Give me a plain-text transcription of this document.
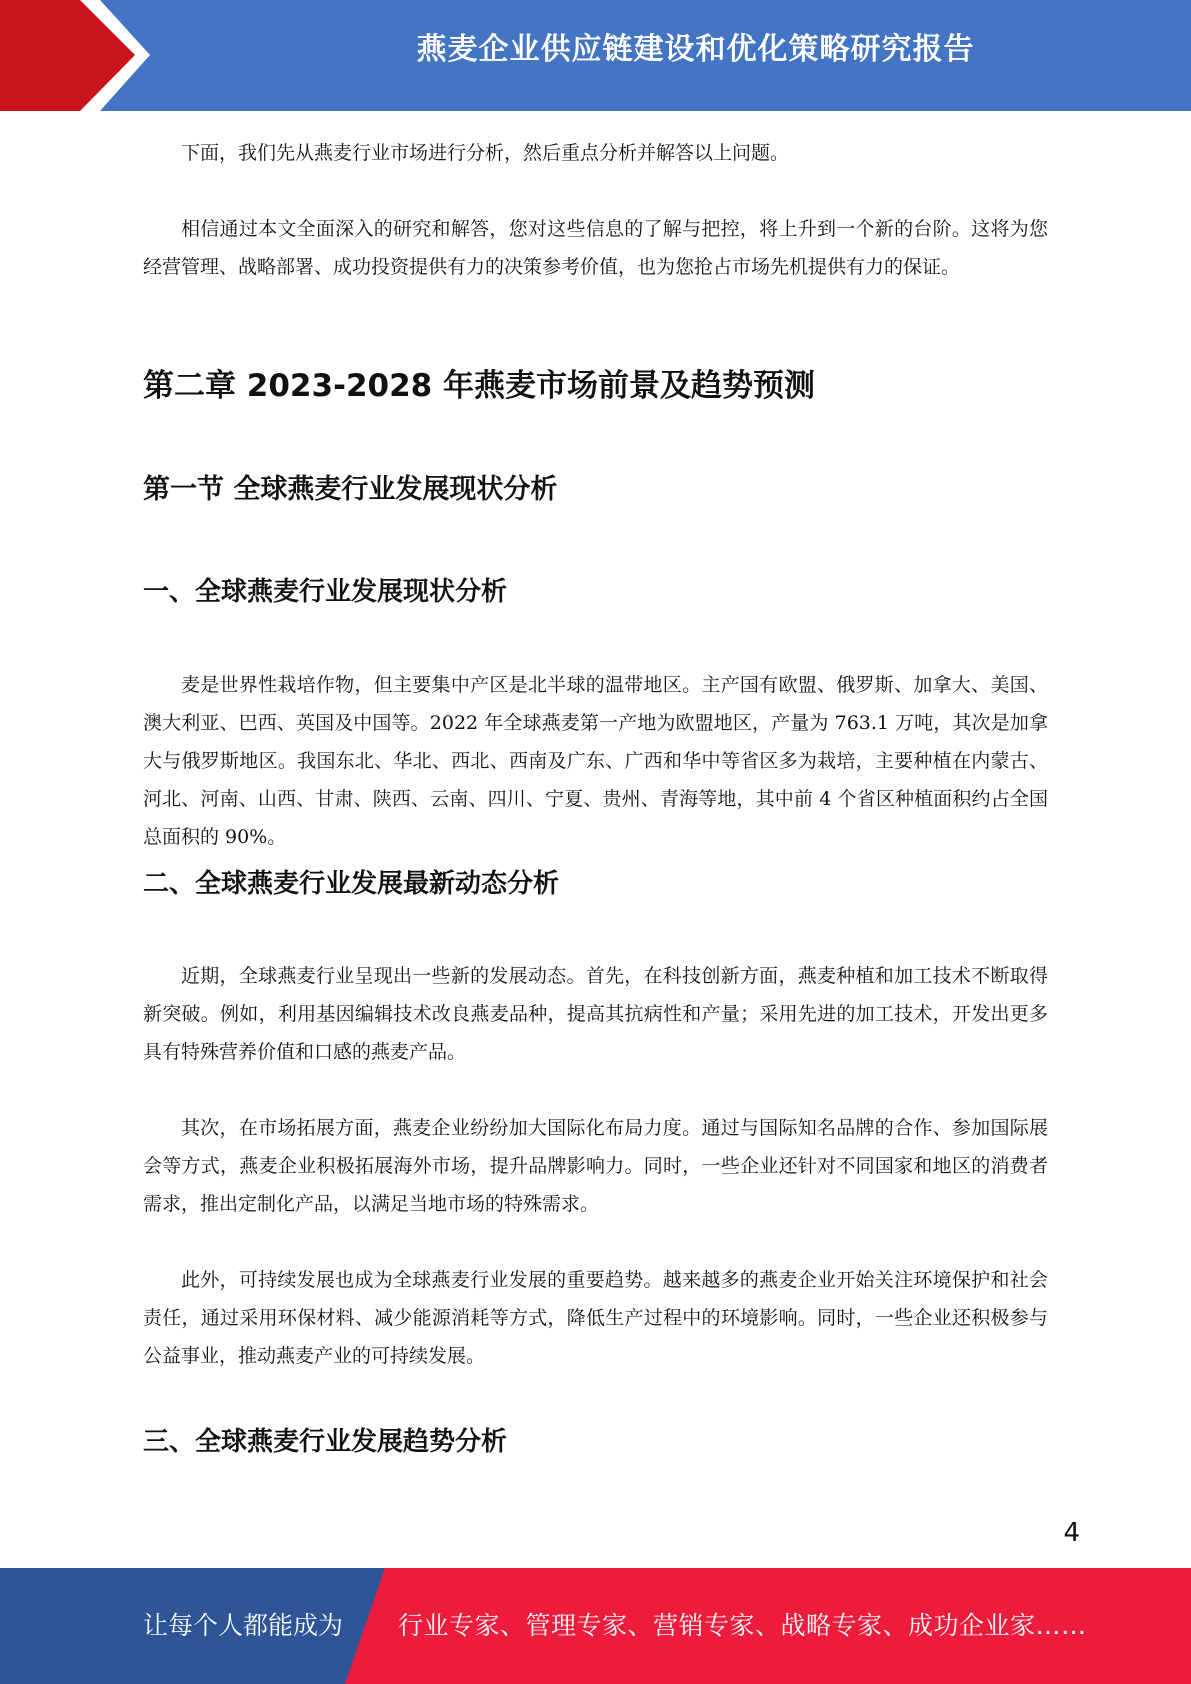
燕麦企业供应链建设和优化策略研究报告

下面，我们先从燕麦行业市场进行分析，然后重点分析并解答以上问题。

相信通过本文全面深入的研究和解答，您对这些信息的了解与把控，将上升到一个新的台阶。这将为您经营管理、战略部署、成功投资提供有力的决策参考价值，也为您抢占市场先机提供有力的保证。

第二章 2023-2028 年燕麦市场前景及趋势预测
第一节 全球燕麦行业发展现状分析
一、全球燕麦行业发展现状分析

麦是世界性栽培作物，但主要集中产区是北半球的温带地区。主产国有欧盟、俄罗斯、加拿大、美国、澳大利亚、巴西、英国及中国等。2022 年全球燕麦第一产地为欧盟地区，产量为 763.1 万吨，其次是加拿大与俄罗斯地区。我国东北、华北、西北、西南及广东、广西和华中等省区多为栽培，主要种植在内蒙古、河北、河南、山西、甘肃、陕西、云南、四川、宁夏、贵州、青海等地，其中前 4 个省区种植面积约占全国总面积的 90%。

二、全球燕麦行业发展最新动态分析

近期，全球燕麦行业呈现出一些新的发展动态。首先，在科技创新方面，燕麦种植和加工技术不断取得新突破。例如，利用基因编辑技术改良燕麦品种，提高其抗病性和产量；采用先进的加工技术，开发出更多具有特殊营养价值和口感的燕麦产品。

其次，在市场拓展方面，燕麦企业纷纷加大国际化布局力度。通过与国际知名品牌的合作、参加国际展会等方式，燕麦企业积极拓展海外市场，提升品牌影响力。同时，一些企业还针对不同国家和地区的消费者需求，推出定制化产品，以满足当地市场的特殊需求。

此外，可持续发展也成为全球燕麦行业发展的重要趋势。越来越多的燕麦企业开始关注环境保护和社会责任，通过采用环保材料、减少能源消耗等方式，降低生产过程中的环境影响。同时，一些企业还积极参与公益事业，推动燕麦产业的可持续发展。

三、全球燕麦行业发展趋势分析
4
让每个人都能成为 行业专家、管理专家、营销专家、战略专家、成功企业家……
